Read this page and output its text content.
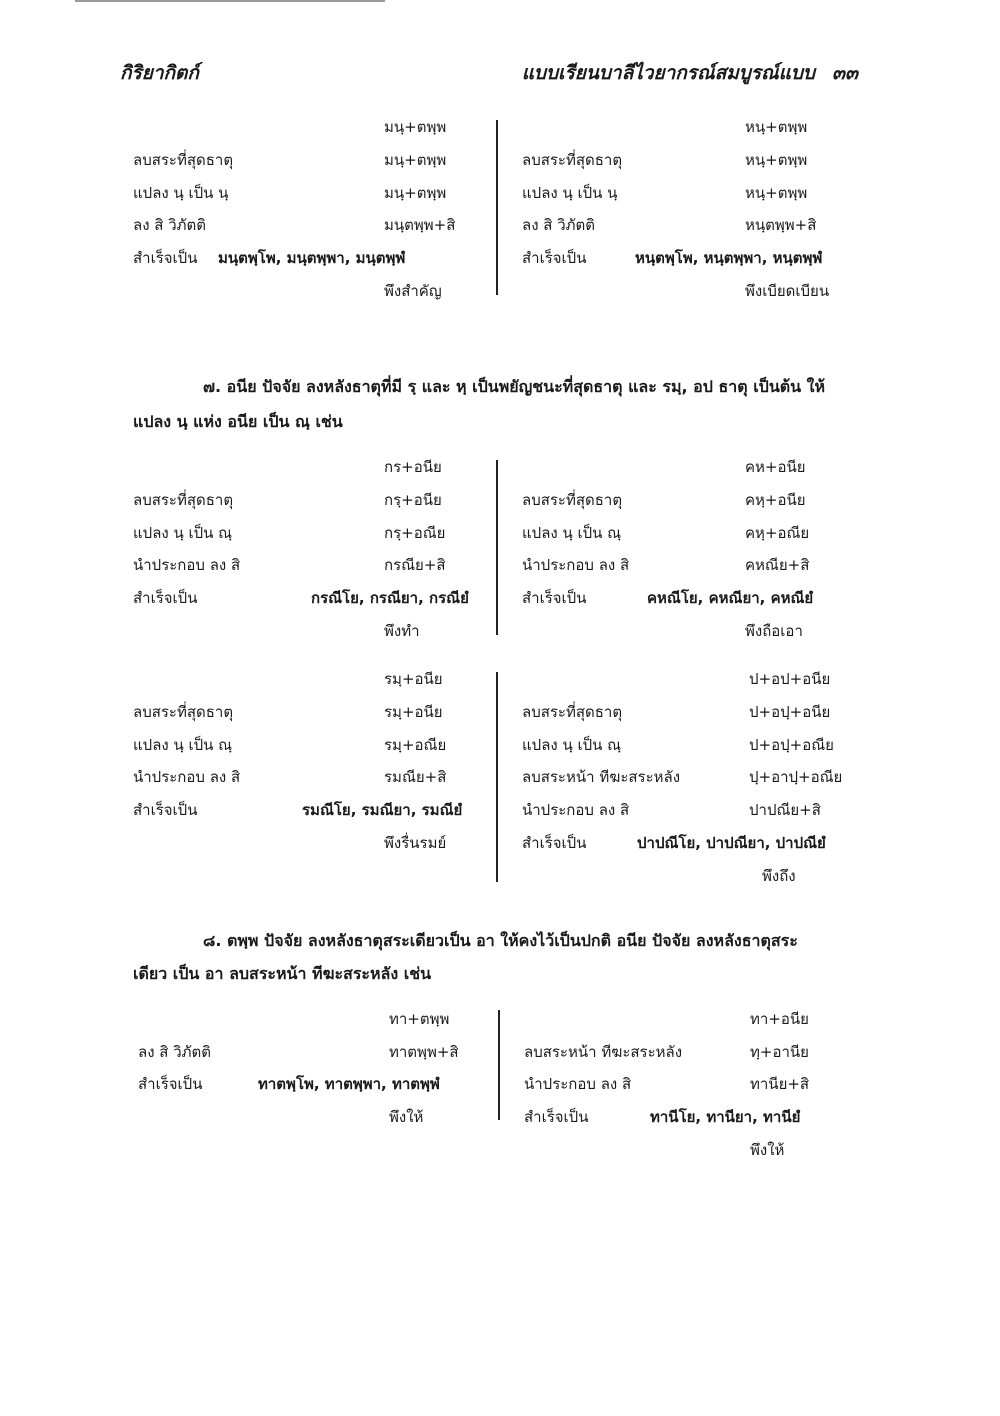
กิริยากิตก์	แบบเรียนบาลีไวยากรณ์สมบูรณ์แบบ ๓๓
มนฺ+ตพฺพ
ลบสระที่สุดธาตุ	มนฺ+ตพฺพ
แปลง นฺ เป็น นฺ	มนฺ+ตพฺพ
ลง สิ วิภัตติ	มนฺตพฺพ+สิ
สำเร็จเป็น มนฺตพฺโพ, มนฺตพฺพา, มนฺตพฺพํ
พึงสำคัญ
หนฺ+ตพฺพ
ลบสระที่สุดธาตุ	หนฺ+ตพฺพ
แปลง นฺ เป็น นฺ	หนฺ+ตพฺพ
ลง สิ วิภัตติ	หนฺตพฺพ+สิ
สำเร็จเป็น	หนฺตพฺโพ, หนฺตพฺพา, หนฺตพฺพํ
พึงเบียดเบียน
๗. อนีย ปัจจัย ลงหลังธาตุที่มี รฺ และ หฺ เป็นพยัญชนะที่สุดธาตุ และ รมฺ, อป ธาตุ เป็นต้น ให้
แปลง นฺ แห่ง อนีย เป็น ณฺ เช่น
กร+อนีย
ลบสระที่สุดธาตุ	กรฺ+อนีย
แปลง นฺ เป็น ณฺ	กรฺ+อณีย
นำประกอบ ลง สิ	กรณีย+สิ
สำเร็จเป็น	กรณีโย, กรณียา, กรณียํ
พึงทำ
คห+อนีย
ลบสระที่สุดธาตุ	คหฺ+อนีย
แปลง นฺ เป็น ณฺ	คหฺ+อณีย
นำประกอบ ลง สิ	คหณีย+สิ
สำเร็จเป็น	คหณีโย, คหณียา, คหณียํ
พึงถือเอา
รมฺ+อนีย
ลบสระที่สุดธาตุ	รมฺ+อนีย
แปลง นฺ เป็น ณฺ	รมฺ+อณีย
นำประกอบ ลง สิ	รมณีย+สิ
สำเร็จเป็น	รมณีโย, รมณียา, รมณียํ
พึงรื่นรมย์
ป+อป+อนีย
ลบสระที่สุดธาตุ	ป+อปฺ+อนีย
แปลง นฺ เป็น ณฺ	ป+อปฺ+อณีย
ลบสระหน้า ทีฆะสระหลัง	ปฺ+อาปฺ+อณีย
นำประกอบ ลง สิ	ปาปณีย+สิ
สำเร็จเป็น	ปาปณีโย, ปาปณียา, ปาปณียํ
พึงถึง
๘. ตพฺพ ปัจจัย ลงหลังธาตุสระเดียวเป็น อา ให้คงไว้เป็นปกติ อนีย ปัจจัย ลงหลังธาตุสระ
เดียว เป็น อา ลบสระหน้า ทีฆะสระหลัง เช่น
ทา+ตพฺพ
ลง สิ วิภัตติ	ทาตพฺพ+สิ
สำเร็จเป็น	ทาตพฺโพ, ทาตพฺพา, ทาตพฺพํ
พึงให้
ทา+อนีย
ลบสระหน้า ทีฆะสระหลัง	ทฺ+อานีย
นำประกอบ ลง สิ	ทานีย+สิ
สำเร็จเป็น	ทานีโย, ทานียา, ทานียํ
พึงให้
